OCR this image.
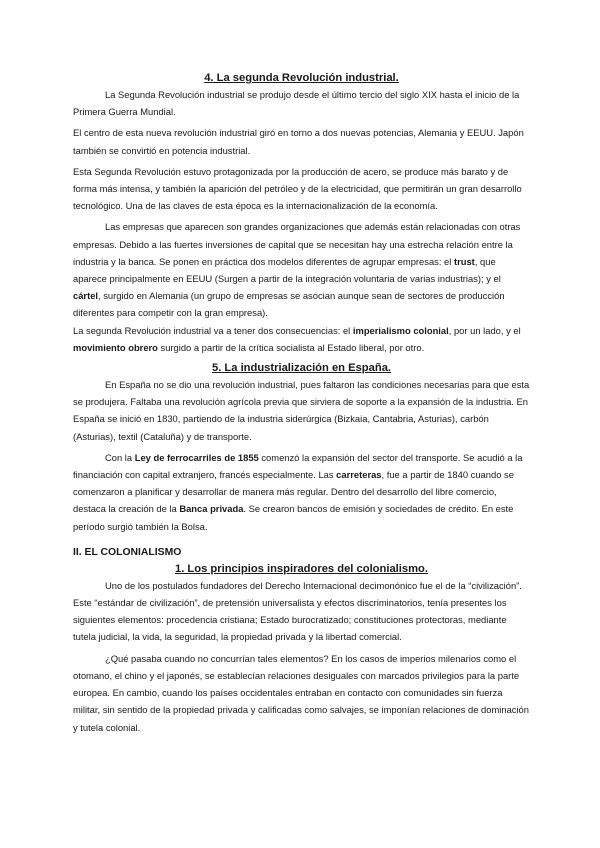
4. La segunda Revolución industrial.

La Segunda Revolución industrial se produjo desde el último tercio del siglo XIX hasta el inicio de la Primera Guerra Mundial.

El centro de esta nueva revolución industrial giró en torno a dos nuevas potencias, Alemania y EEUU. Japón también se convirtió en potencia industrial.

Esta Segunda Revolución estuvo protagonizada por la producción de acero, se produce más barato y de forma más intensa, y también la aparición del petróleo y de la electricidad, que permitirán un gran desarrollo tecnológico. Una de las claves de esta época es la internacionalización de la economía.

Las empresas que aparecen son grandes organizaciones que además están relacionadas con otras empresas. Debido a las fuertes inversiones de capital que se necesitan hay una estrecha relación entre la industria y la banca. Se ponen en práctica dos modelos diferentes de agrupar empresas: el trust, que aparece principalmente en EEUU (Surgen a partir de la integración voluntaria de varias industrias); y el cártel, surgido en Alemania (un grupo de empresas se asocian aunque sean de sectores de producción diferentes para competir con la gran empresa).

La segunda Revolución industrial va a tener dos consecuencias: el imperialismo colonial, por un lado, y el movimiento obrero surgido a partir de la crítica socialista al Estado liberal, por otro.

5. La industrialización en España.

En España no se dio una revolución industrial, pues faltaron las condiciones necesarias para que esta se produjera. Faltaba una revolución agrícola previa que sirviera de soporte a la expansión de la industria. En España se inició en 1830, partiendo de la industria siderúrgica (Bizkaia, Cantabria, Asturias), carbón (Asturias), textil (Cataluña) y de transporte.

Con la Ley de ferrocarriles de 1855 comenzó la expansión del sector del transporte. Se acudió a la financiación con capital extranjero, francés especialmente. Las carreteras, fue a partir de 1840 cuando se comenzaron a planificar y desarrollar de manera más regular. Dentro del desarrollo del libre comercio, destaca la creación de la Banca privada. Se crearon bancos de emisión y sociedades de crédito. En este período surgió también la Bolsa.

II. EL COLONIALISMO
1. Los principios inspiradores del colonialismo.

Uno de los postulados fundadores del Derecho Internacional decimonónico fue el de la “civilización”. Este “estándar de civilización”, de pretensión universalista y efectos discriminatorios, tenía presentes los siguientes elementos: procedencia cristiana; Estado burocratizado; constituciones protectoras, mediante tutela judicial, la vida, la seguridad, la propiedad privada y la libertad comercial.

¿Qué pasaba cuando no concurrían tales elementos? En los casos de imperios milenarios como el otomano, el chino y el japonés, se establecían relaciones desiguales con marcados privilegios para la parte europea. En cambio, cuando los países occidentales entraban en contacto con comunidades sin fuerza militar, sin sentido de la propiedad privada y calificadas como salvajes, se imponían relaciones de dominación y tutela colonial.
